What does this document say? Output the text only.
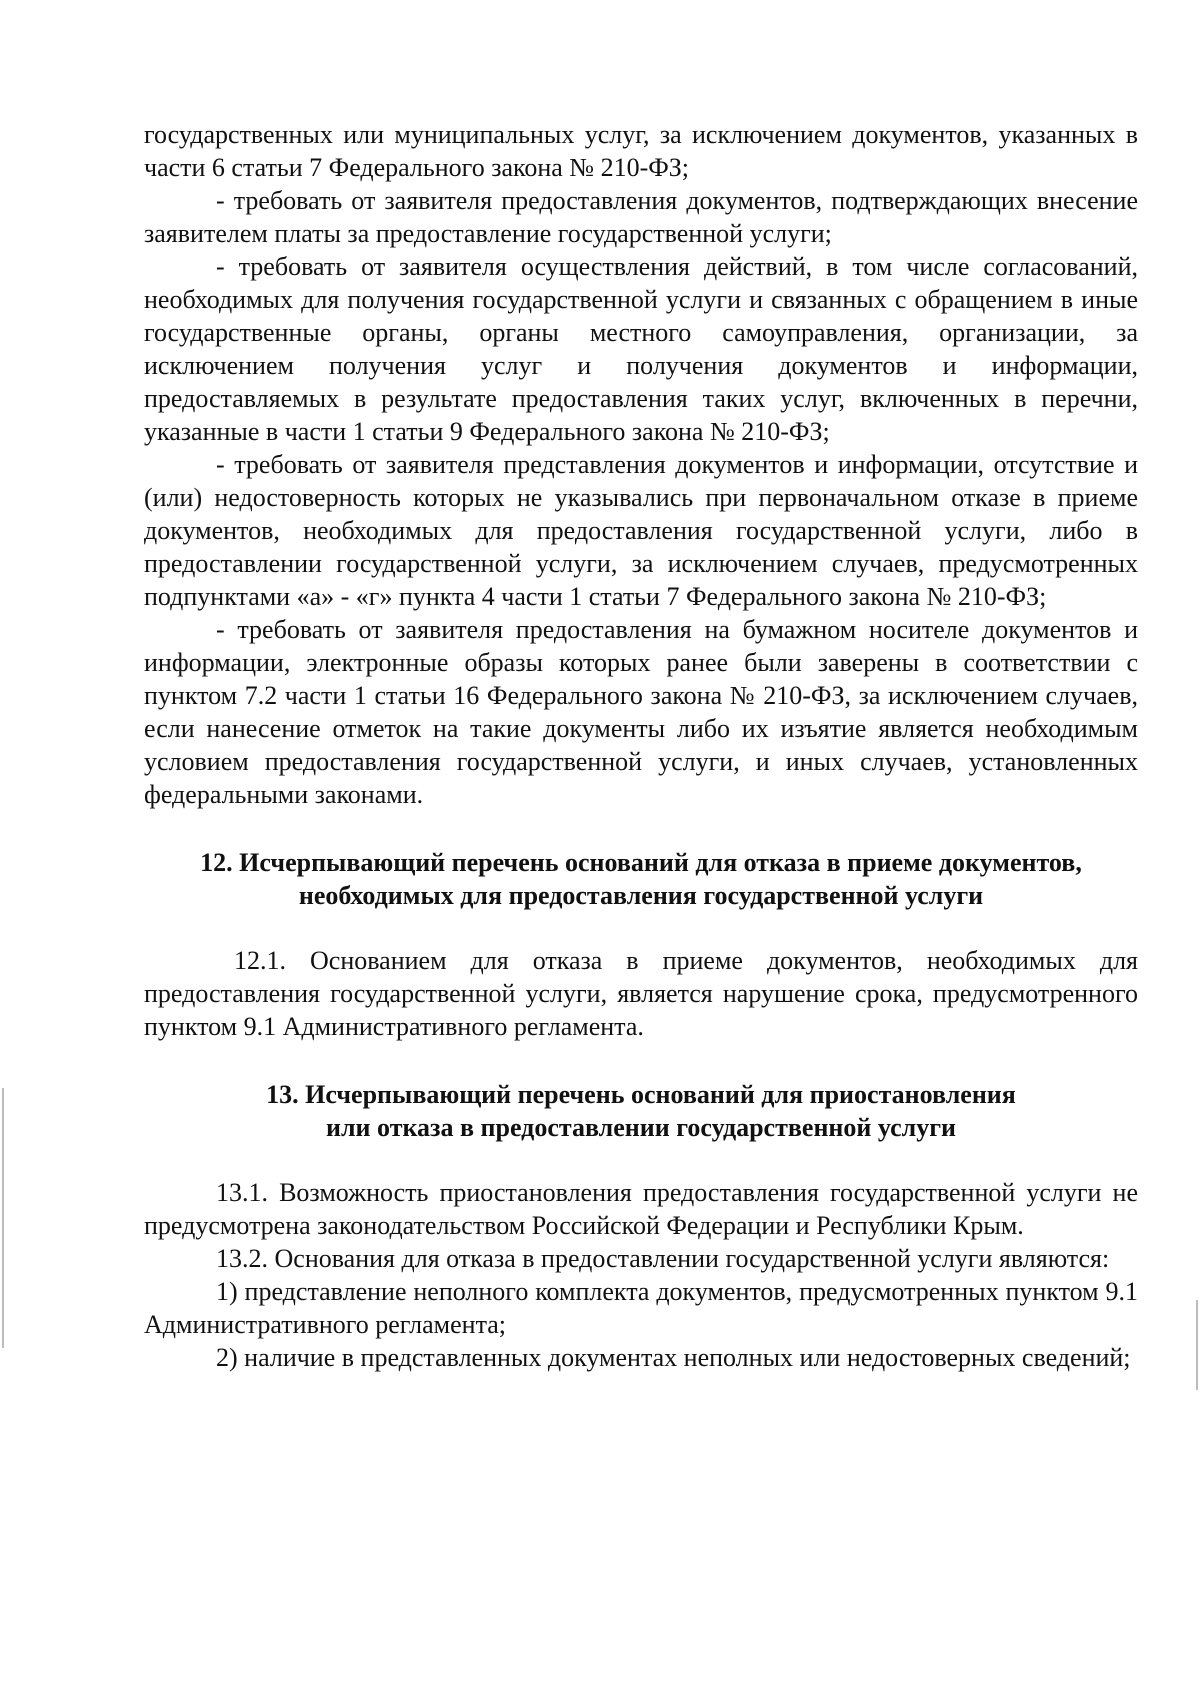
государственных или муниципальных услуг, за исключением документов, указанных в части 6 статьи 7 Федерального закона № 210-ФЗ;

- требовать от заявителя предоставления документов, подтверждающих внесение заявителем платы за предоставление государственной услуги;

- требовать от заявителя осуществления действий, в том числе согласований, необходимых для получения государственной услуги и связанных с обращением в иные государственные органы, органы местного самоуправления, организации, за исключением получения услуг и получения документов и информации, предоставляемых в результате предоставления таких услуг, включенных в перечни, указанные в части 1 статьи 9 Федерального закона № 210-ФЗ;

- требовать от заявителя представления документов и информации, отсутствие и (или) недостоверность которых не указывались при первоначальном отказе в приеме документов, необходимых для предоставления государственной услуги, либо в предоставлении государственной услуги, за исключением случаев, предусмотренных подпунктами «а» - «г» пункта 4 части 1 статьи 7 Федерального закона № 210-ФЗ;

- требовать от заявителя предоставления на бумажном носителе документов и информации, электронные образы которых ранее были заверены в соответствии с пунктом 7.2 части 1 статьи 16 Федерального закона № 210-ФЗ, за исключением случаев, если нанесение отметок на такие документы либо их изъятие является необходимым условием предоставления государственной услуги, и иных случаев, установленных федеральными законами.

12. Исчерпывающий перечень оснований для отказа в приеме документов,
необходимых для предоставления государственной услуги

12.1. Основанием для отказа в приеме документов, необходимых для предоставления государственной услуги, является нарушение срока, предусмотренного пунктом 9.1 Административного регламента.

13. Исчерпывающий перечень оснований для приостановления
или отказа в предоставлении государственной услуги

13.1. Возможность приостановления предоставления государственной услуги не предусмотрена законодательством Российской Федерации и Республики Крым.

13.2. Основания для отказа в предоставлении государственной услуги являются:

1) представление неполного комплекта документов, предусмотренных пунктом 9.1 Административного регламента;

2) наличие в представленных документах неполных или недостоверных сведений;
